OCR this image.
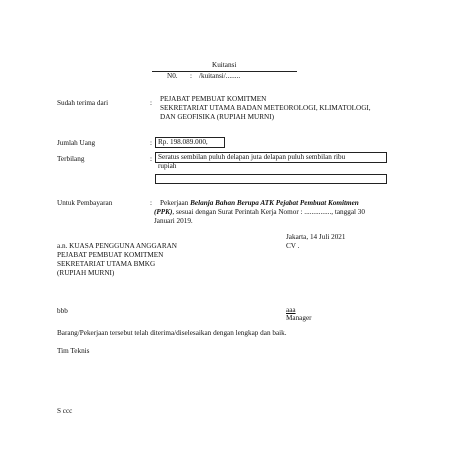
Kuitansi
N0. : /kuitansi/........
Sudah terima dari	: PEJABAT PEMBUAT KOMITMEN
SEKRETARIAT UTAMA BADAN METEOROLOGI, KLIMATOLOGI,
DAN GEOFISIKA (RUPIAH MURNI)
Jumlah Uang	: Rp. 198.089.000,
Terbilang	: Seratus sembilan puluh delapan juta delapan puluh sembilan ribu
rupiah
Untuk Pembayaran	: Pekerjaan Belanja Bahan Berupa ATK Pejabat Pembuat Komitmen
(PPK), sesuai dengan Surat Perintah Kerja Nomor : ..............., tanggal 30
Januari 2019.
Jakarta, 14 Juli 2021
a.n. KUASA PENGGUNA ANGGARAN
PEJABAT PEMBUAT KOMITMEN
SEKRETARIAT UTAMA BMKG
(RUPIAH MURNI)
bbb
CV .
aaa
Manager
Barang/Pekerjaan tersebut telah diterima/diselesaikan dengan lengkap dan baik.
Tim Teknis
S ccc
